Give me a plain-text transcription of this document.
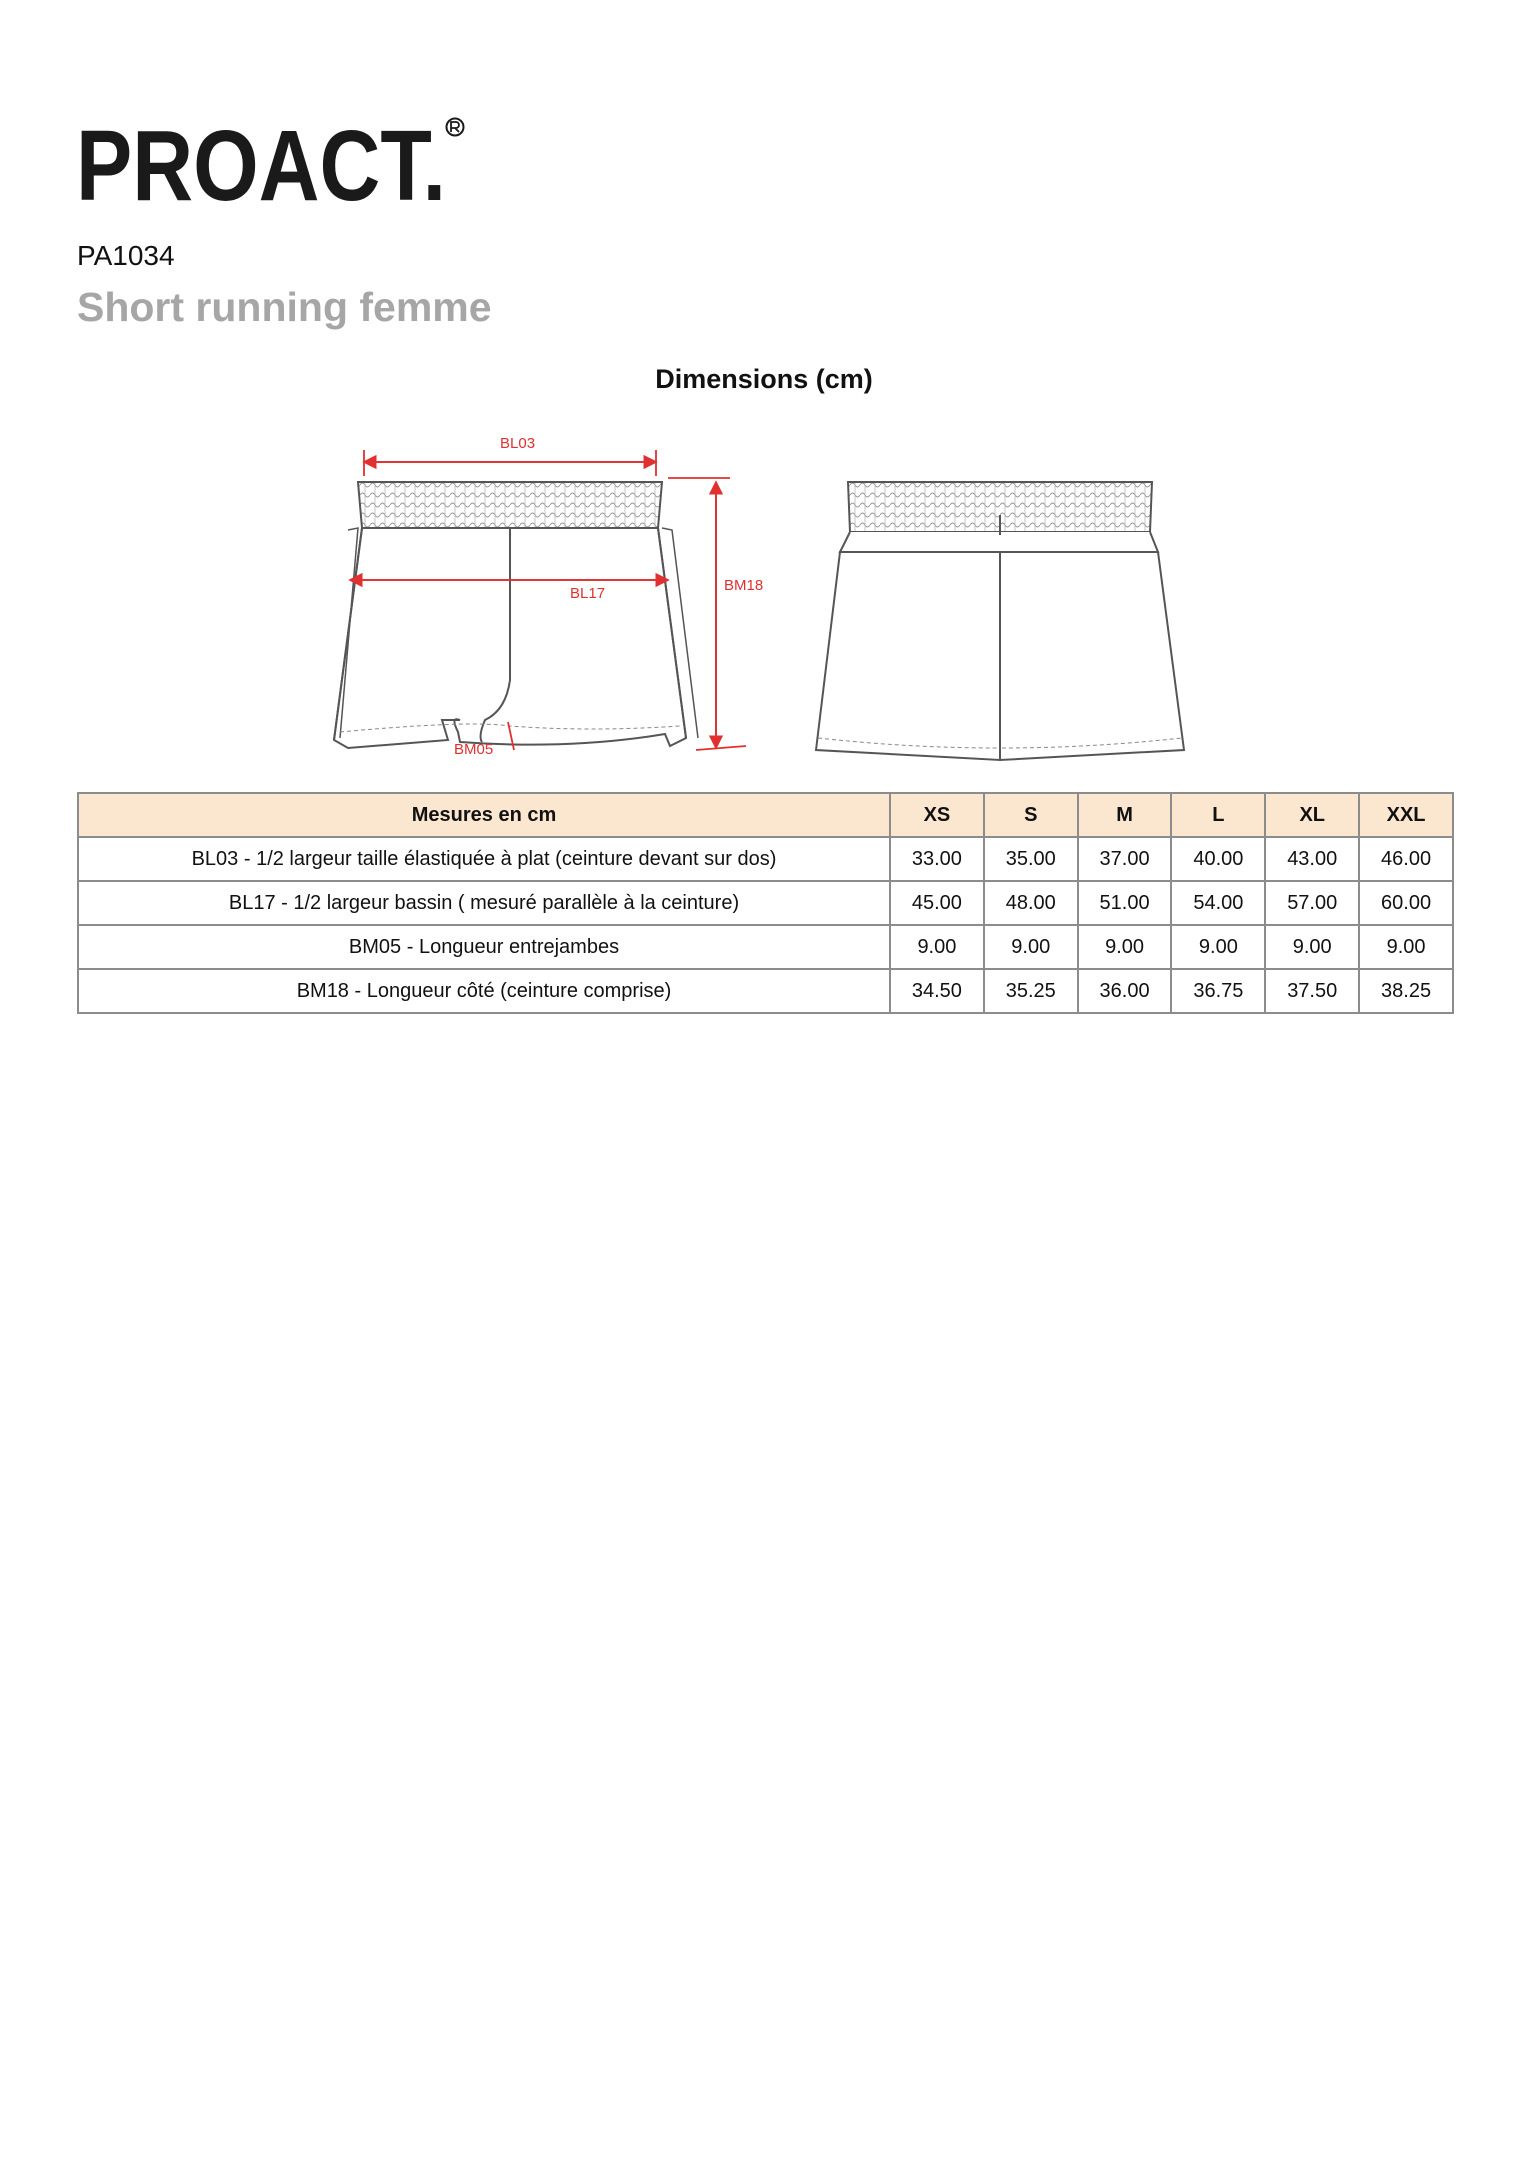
PROACT.
PA1034
Short running femme
Dimensions (cm)
BL03
BL17	BM18
BM05
Mesures en cm	XS	S	M	L	XL	XXL
BL03 - 1/2 largeur taille élastiquée à plat (ceinture devant sur dos)	33.00	35.00	37.00	40.00	43.00	46.00
BL17 - 1/2 largeur bassin ( mesuré parallèle à la ceinture)	45.00	48.00	51.00	54.00	57.00	60.00
BM05 - Longueur entrejambes	9.00	9.00	9.00	9.00	9.00	9.00
BM18 - Longueur côté (ceinture comprise)	34.50	35.25	36.00	36.75	37.50	38.25
